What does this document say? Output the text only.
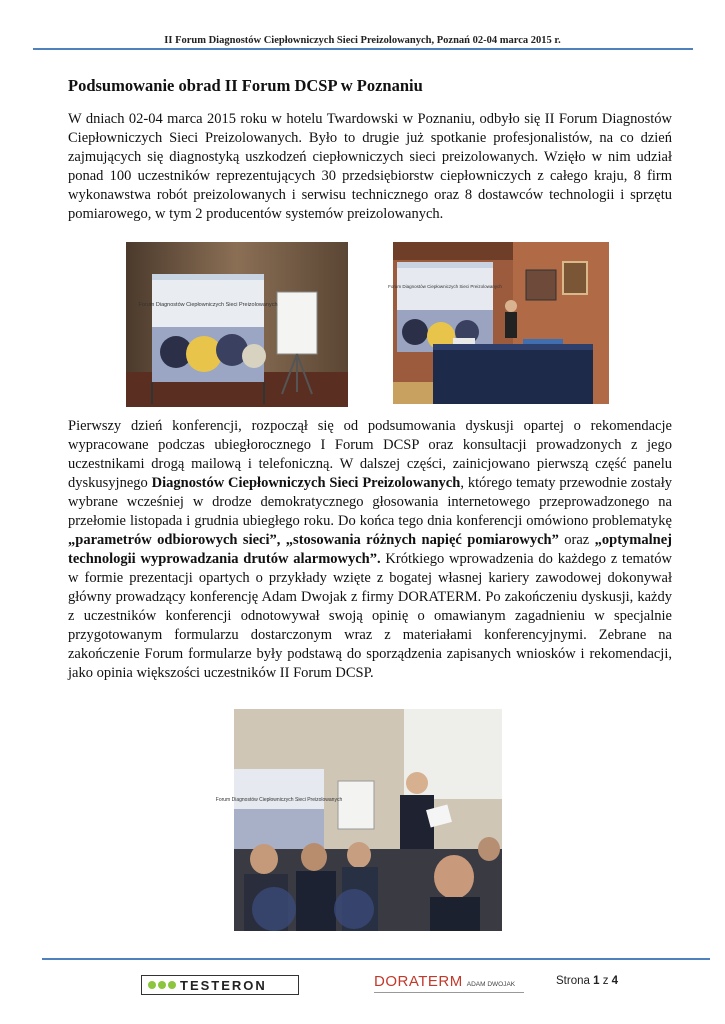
II Forum Diagnostów Ciepłowniczych Sieci Preizolowanych, Poznań 02-04 marca 2015 r.
Podsumowanie obrad II Forum DCSP w Poznaniu

W dniach 02-04 marca 2015 roku w hotelu Twardowski w Poznaniu, odbyło się II Forum Diagnostów Ciepłowniczych Sieci Preizolowanych. Było to drugie już spotkanie profesjonalistów, na co dzień zajmujących się diagnostyką uszkodzeń ciepłowniczych sieci preizolowanych. Wzięło w nim udział ponad 100 uczestników reprezentujących 30 przedsiębiorstw ciepłowniczych z całego kraju, 8 firm wykonawstwa robót preizolowanych i serwisu technicznego oraz 8 dostawców technologii i sprzętu pomiarowego, w tym 2 producentów systemów preizolowanych.

Forum Diagnostów Ciepłowniczych Sieci Preizolowanych
Forum Diagnostów Ciepłowniczych Sieci Preizolowanych

Pierwszy dzień konferencji, rozpoczął się od podsumowania dyskusji opartej o rekomendacje wypracowane podczas ubiegłorocznego I Forum DCSP oraz konsultacji prowadzonych z jego uczestnikami drogą mailową i telefoniczną. W dalszej części, zainicjowano pierwszą część panelu dyskusyjnego Diagnostów Ciepłowniczych Sieci Preizolowanych, którego tematy przewodnie zostały wybrane wcześniej w drodze demokratycznego głosowania internetowego przeprowadzonego na przełomie listopada i grudnia ubiegłego roku. Do końca tego dnia konferencji omówiono problematykę „parametrów odbiorowych sieci”, „stosowania różnych napięć pomiarowych” oraz „optymalnej technologii wyprowadzania drutów alarmowych”. Krótkiego wprowadzenia do każdego z tematów w formie prezentacji opartych o przykłady wzięte z bogatej własnej kariery zawodowej dokonywał główny prowadzący konferencję Adam Dwojak z firmy DORATERM. Po zakończeniu dyskusji, każdy z uczestników konferencji odnotowywał swoją opinię o omawianym zagadnieniu w specjalnie przygotowanym formularzu dostarczonym wraz z materiałami konferencyjnymi. Zebrane na zakończenie Forum formularze były podstawą do sporządzenia zapisanych wniosków i rekomendacji, jako opinia większości uczestników II Forum DCSP.

Forum Diagnostów Ciepłowniczych Sieci Preizolowanych
TESTERON	DORATERM ADAM DWOJAK	Strona 1 z 4
